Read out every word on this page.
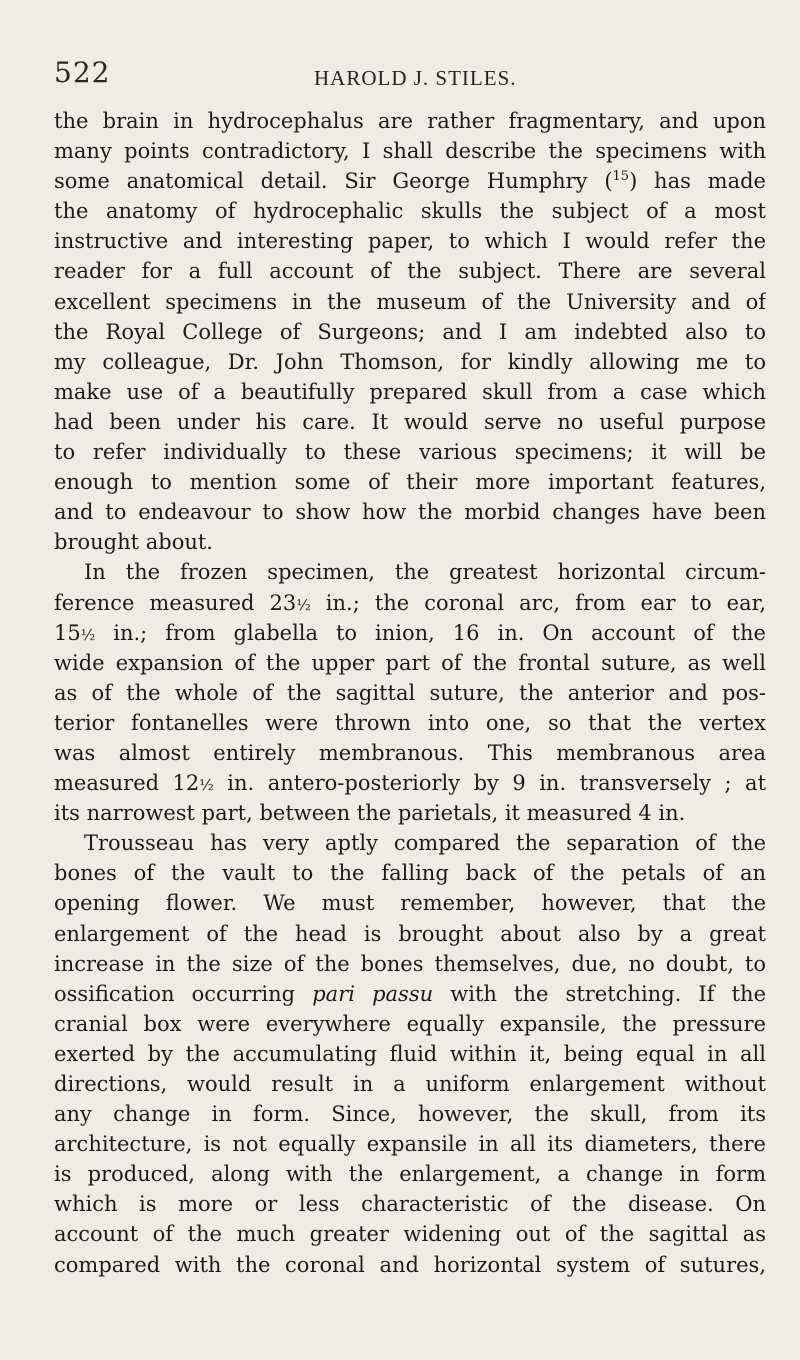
522	HAROLD J. STILES.
the brain in hydrocephalus are rather fragmentary, and upon
many points contradictory, I shall describe the specimens with
some anatomical detail. Sir George Humphry ($^{15}$) has made
the anatomy of hydrocephalic skulls the subject of a most
instructive and interesting paper, to which I would refer the
reader for a full account of the subject. There are several
excellent specimens in the museum of the University and of
the Royal College of Surgeons; and I am indebted also to
my colleague, Dr. John Thomson, for kindly allowing me to
make use of a beautifully prepared skull from a case which
had been under his care. It would serve no useful purpose
to refer individually to these various specimens; it will be
enough to mention some of their more important features,
and to endeavour to show how the morbid changes have been
brought about.
In the frozen specimen, the greatest horizontal circum-
ference measured 23½ in.; the coronal arc, from ear to ear,
15½ in.; from glabella to inion, 16 in. On account of the
wide expansion of the upper part of the frontal suture, as well
as of the whole of the sagittal suture, the anterior and pos-
terior fontanelles were thrown into one, so that the vertex
was almost entirely membranous. This membranous area
measured 12½ in. antero-posteriorly by 9 in. transversely ; at
its narrowest part, between the parietals, it measured 4 in.
Trousseau has very aptly compared the separation of the
bones of the vault to the falling back of the petals of an
opening flower. We must remember, however, that the
enlargement of the head is brought about also by a great
increase in the size of the bones themselves, due, no doubt, to
ossification occurring pari passu with the stretching. If the
cranial box were everywhere equally expansile, the pressure
exerted by the accumulating fluid within it, being equal in all
directions, would result in a uniform enlargement without
any change in form. Since, however, the skull, from its
architecture, is not equally expansile in all its diameters, there
is produced, along with the enlargement, a change in form
which is more or less characteristic of the disease. On
account of the much greater widening out of the sagittal as
compared with the coronal and horizontal system of sutures,
